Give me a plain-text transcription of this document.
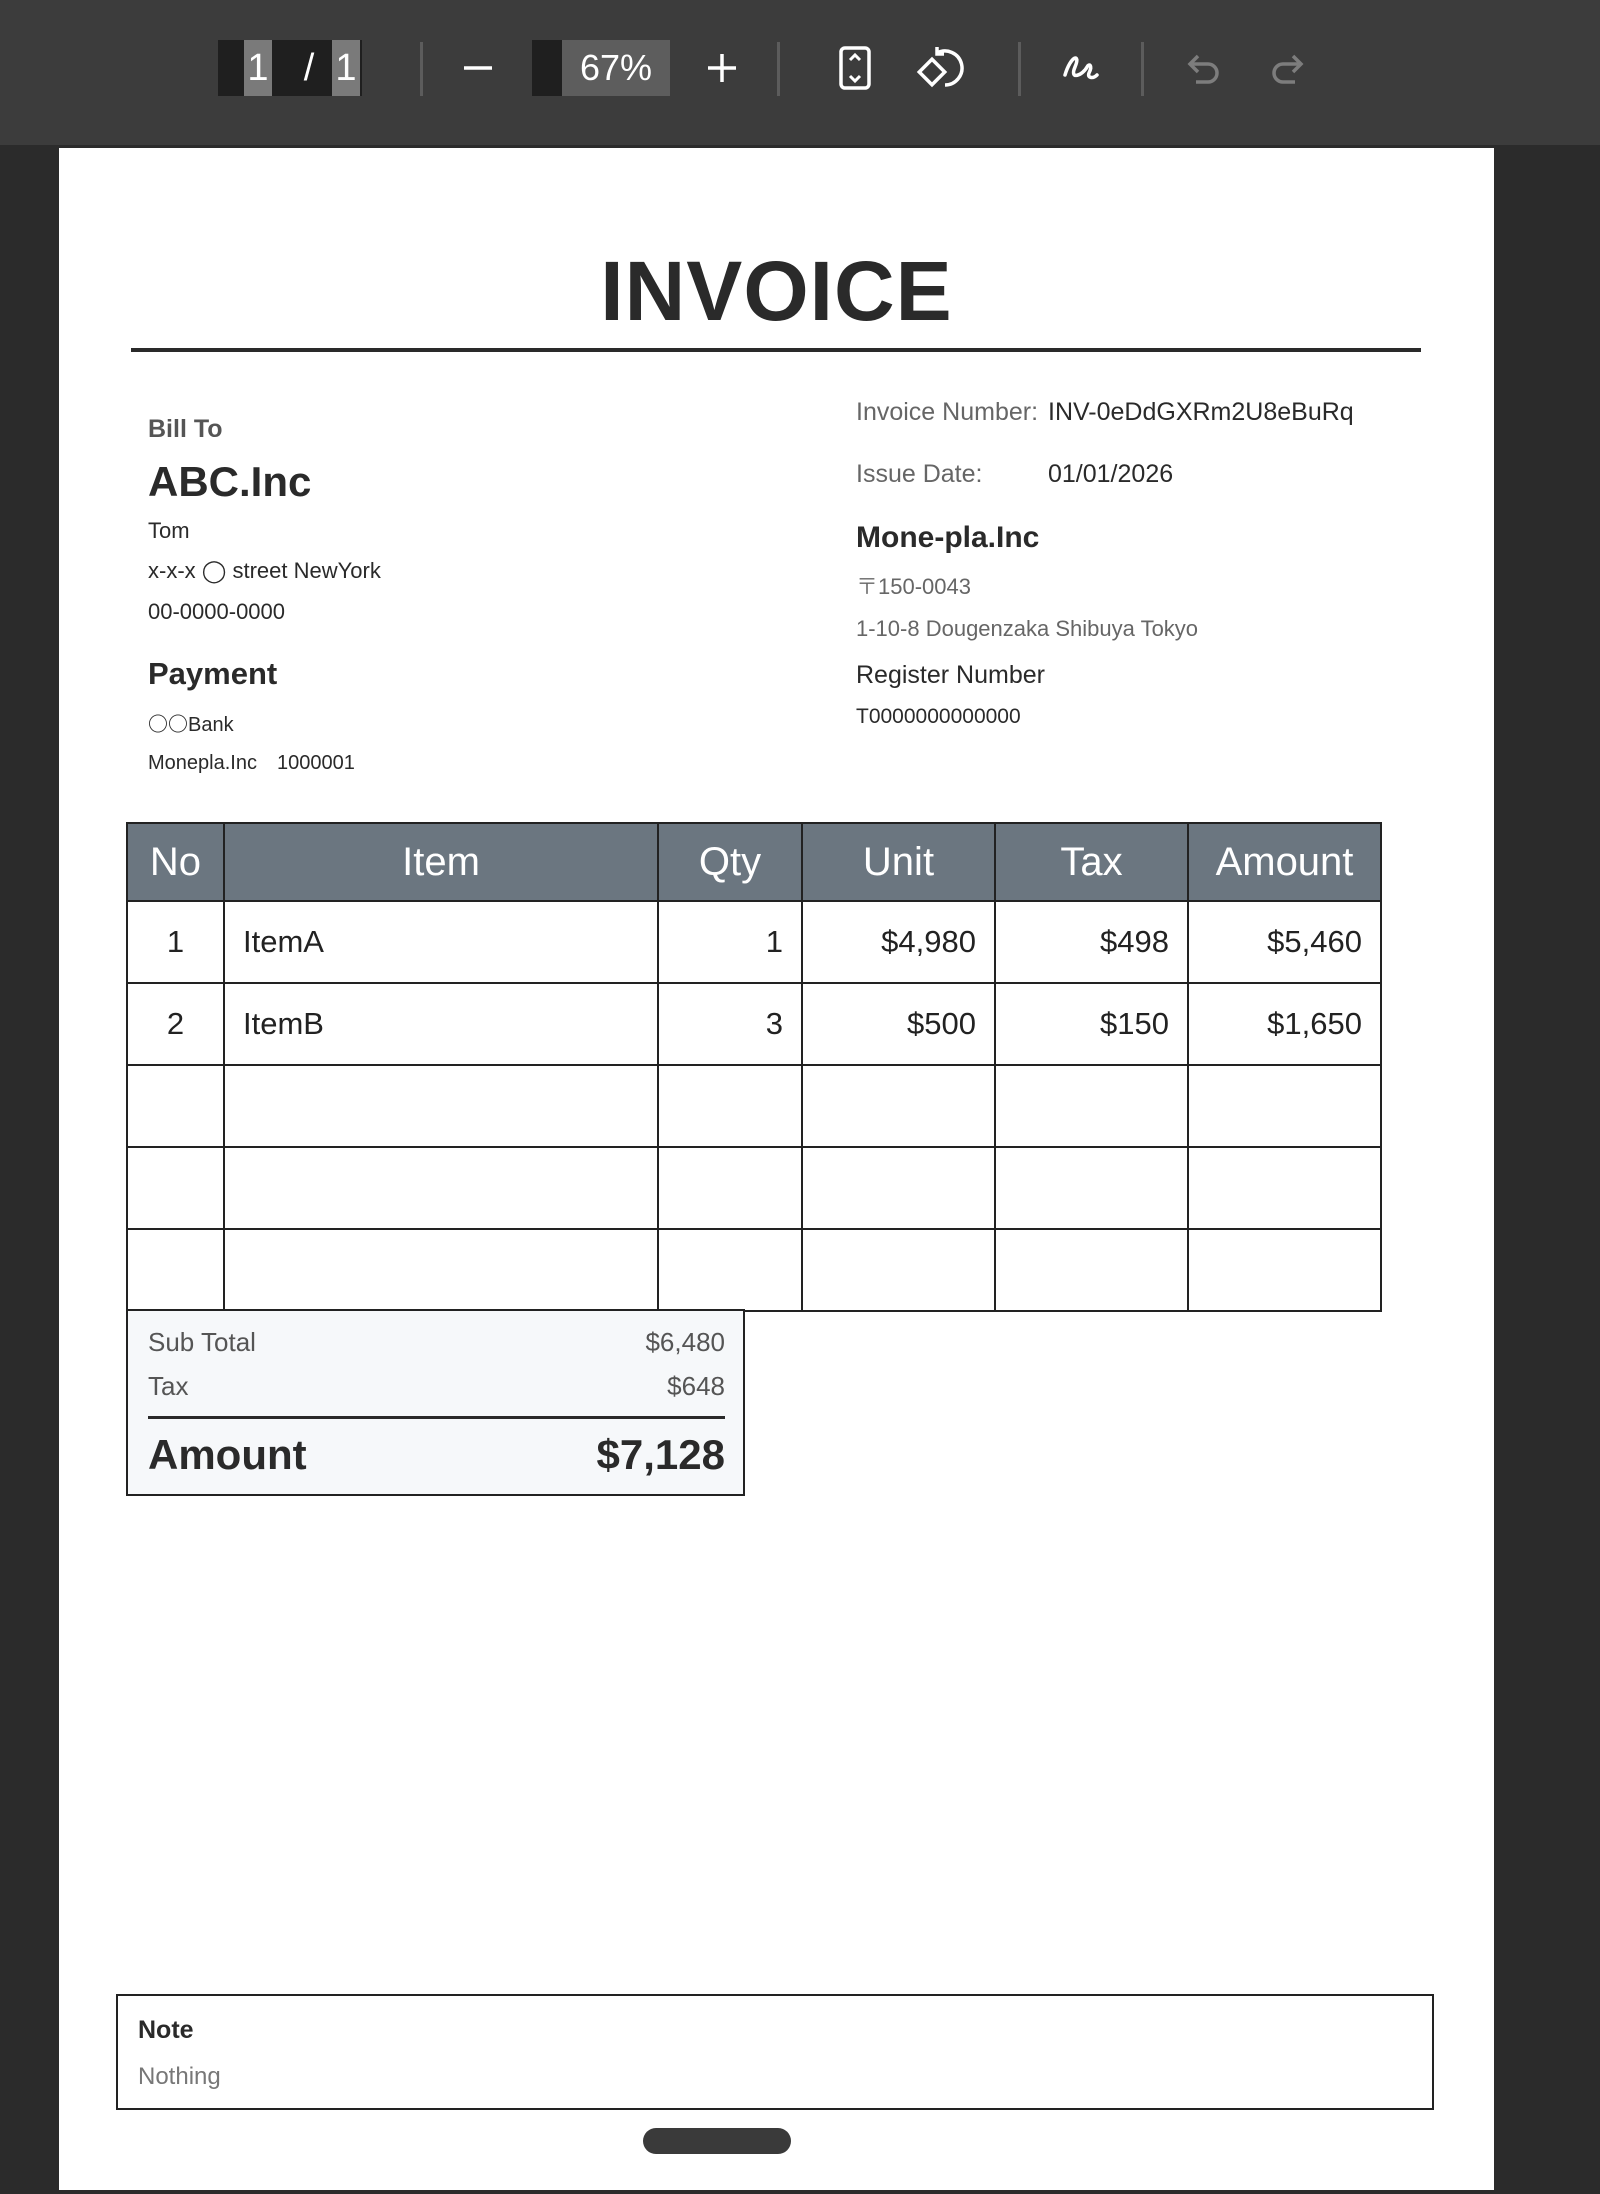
1 / 1	67%
INVOICE
Bill To
ABC.Inc
Tom
x-x-x ◯ street NewYork
00-0000-0000
Payment
〇〇Bank
Monepla.Inc　1000001
Invoice Number: INV-0eDdGXRm2U8eBuRq
Issue Date:	01/01/2026
Mone-pla.Inc
〒150-0043
1-10-8 Dougenzaka Shibuya Tokyo
Register Number
T0000000000000
No	Item	Qty	Unit	Tax	Amount
1	ItemA	1	$4,980	$498	$5,460
2	ItemB	3	$500	$150	$1,650

Sub Total	$6,480
Tax	$648
Amount	$7,128
Note
Nothing
